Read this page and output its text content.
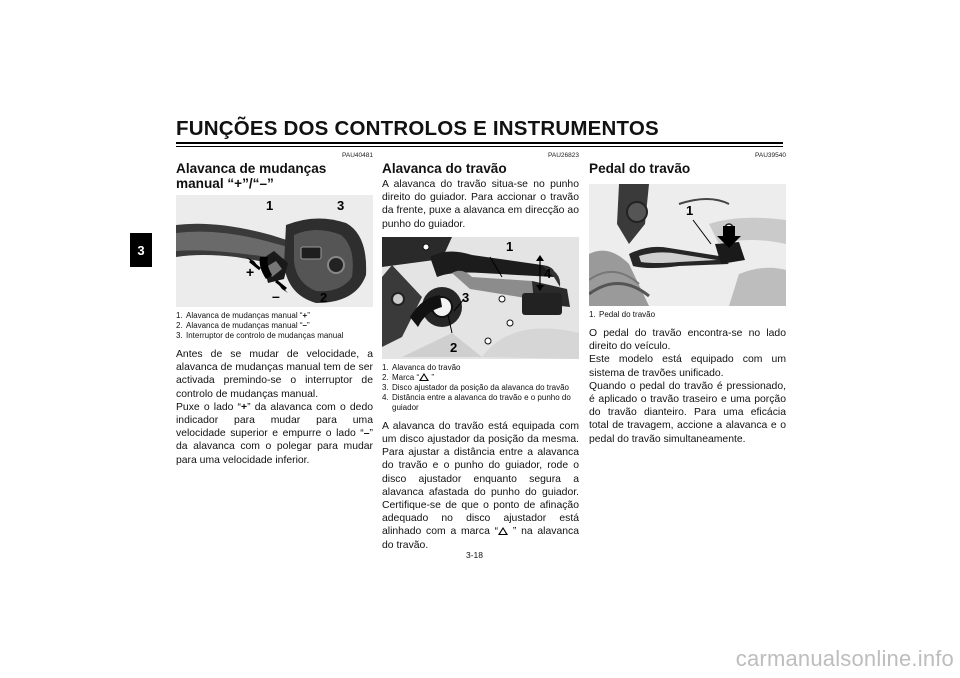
FUNÇÕES DOS CONTROLOS E INSTRUMENTOS
3
PAU40481
Alavanca de mudanças
manual “+”/“–”
+
–
1	3
2
1. Alavanca de mudanças manual “+”
2. Alavanca de mudanças manual “–”
3. Interruptor de controlo de mudanças manual

Antes de se mudar de velocidade, a alavanca de mudanças manual tem de ser activada premindo-se o interruptor de controlo de mudanças manual.

Puxe o lado “+” da alavanca com o dedo indicador para mudar para uma velocidade superior e empurre o lado “–” da alavanca com o polegar para mudar para uma velocidade inferior.

PAU26823
Alavanca do travão
A alavanca do travão situa-se no punho direito do guiador. Para accionar o travão da frente, puxe a alavanca em direcção ao punho do guiador.
1
4
3
2
1. Alavanca do travão
2. Marca “ ”
3. Disco ajustador da posição da alavanca do travão
4. Distância entre a alavanca do travão e o punho do guiador

A alavanca do travão está equipada com um disco ajustador da posição da mesma. Para ajustar a distância entre a alavanca do travão e o punho do guiador, rode o disco ajustador enquanto segura a alavanca afastada do punho do guiador. Certifique-se de que o ponto de afinação adequado no disco ajustador está alinhado com a marca “ ” na alavanca do travão.

PAU39540
Pedal do travão
1
1. Pedal do travão

O pedal do travão encontra-se no lado direito do veículo.

Este modelo está equipado com um sistema de travões unificado.

Quando o pedal do travão é pressionado, é aplicado o travão traseiro e uma porção do travão dianteiro. Para uma eficácia total de travagem, accione a alavanca e o pedal do travão simultaneamente.

3-18
carmanualsonline.info
